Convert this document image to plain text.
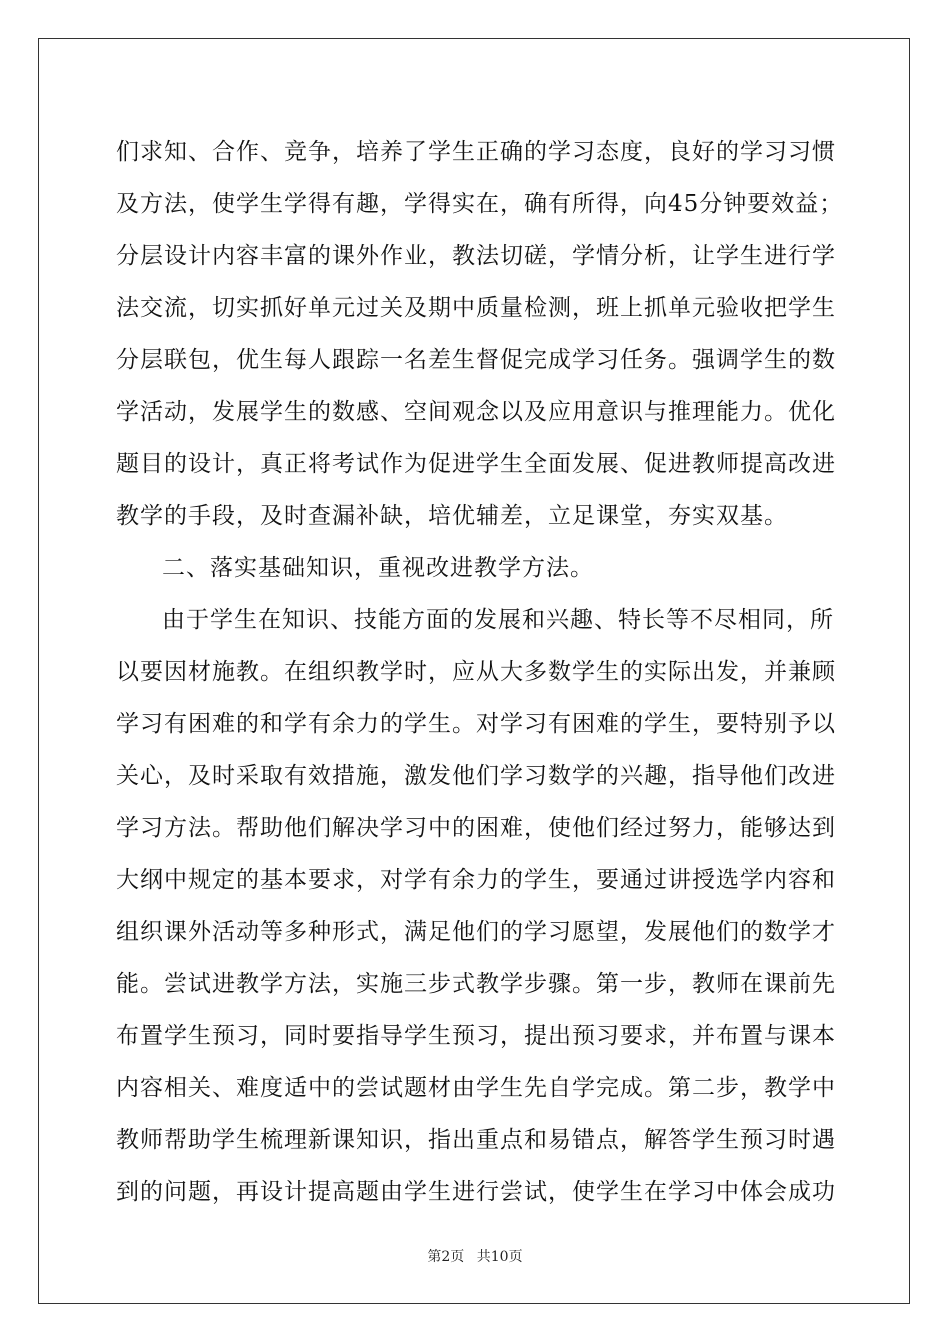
们求知、合作、竞争，培养了学生正确的学习态度，良好的学习习惯
及方法，使学生学得有趣，学得实在，确有所得，向45分钟要效益；
分层设计内容丰富的课外作业，教法切磋，学情分析，让学生进行学
法交流，切实抓好单元过关及期中质量检测，班上抓单元验收把学生
分层联包，优生每人跟踪一名差生督促完成学习任务。强调学生的数
学活动，发展学生的数感、空间观念以及应用意识与推理能力。优化
题目的设计，真正将考试作为促进学生全面发展、促进教师提高改进
教学的手段，及时查漏补缺，培优辅差，立足课堂，夯实双基。
二、落实基础知识，重视改进教学方法。
由于学生在知识、技能方面的发展和兴趣、特长等不尽相同，所
以要因材施教。在组织教学时，应从大多数学生的实际出发，并兼顾
学习有困难的和学有余力的学生。对学习有困难的学生，要特别予以
关心，及时采取有效措施，激发他们学习数学的兴趣，指导他们改进
学习方法。帮助他们解决学习中的困难，使他们经过努力，能够达到
大纲中规定的基本要求，对学有余力的学生，要通过讲授选学内容和
组织课外活动等多种形式，满足他们的学习愿望，发展他们的数学才
能。尝试进教学方法，实施三步式教学步骤。第一步，教师在课前先
布置学生预习，同时要指导学生预习，提出预习要求，并布置与课本
内容相关、难度适中的尝试题材由学生先自学完成。第二步，教学中
教师帮助学生梳理新课知识，指出重点和易错点，解答学生预习时遇
到的问题，再设计提高题由学生进行尝试，使学生在学习中体会成功
第2页 共10页
